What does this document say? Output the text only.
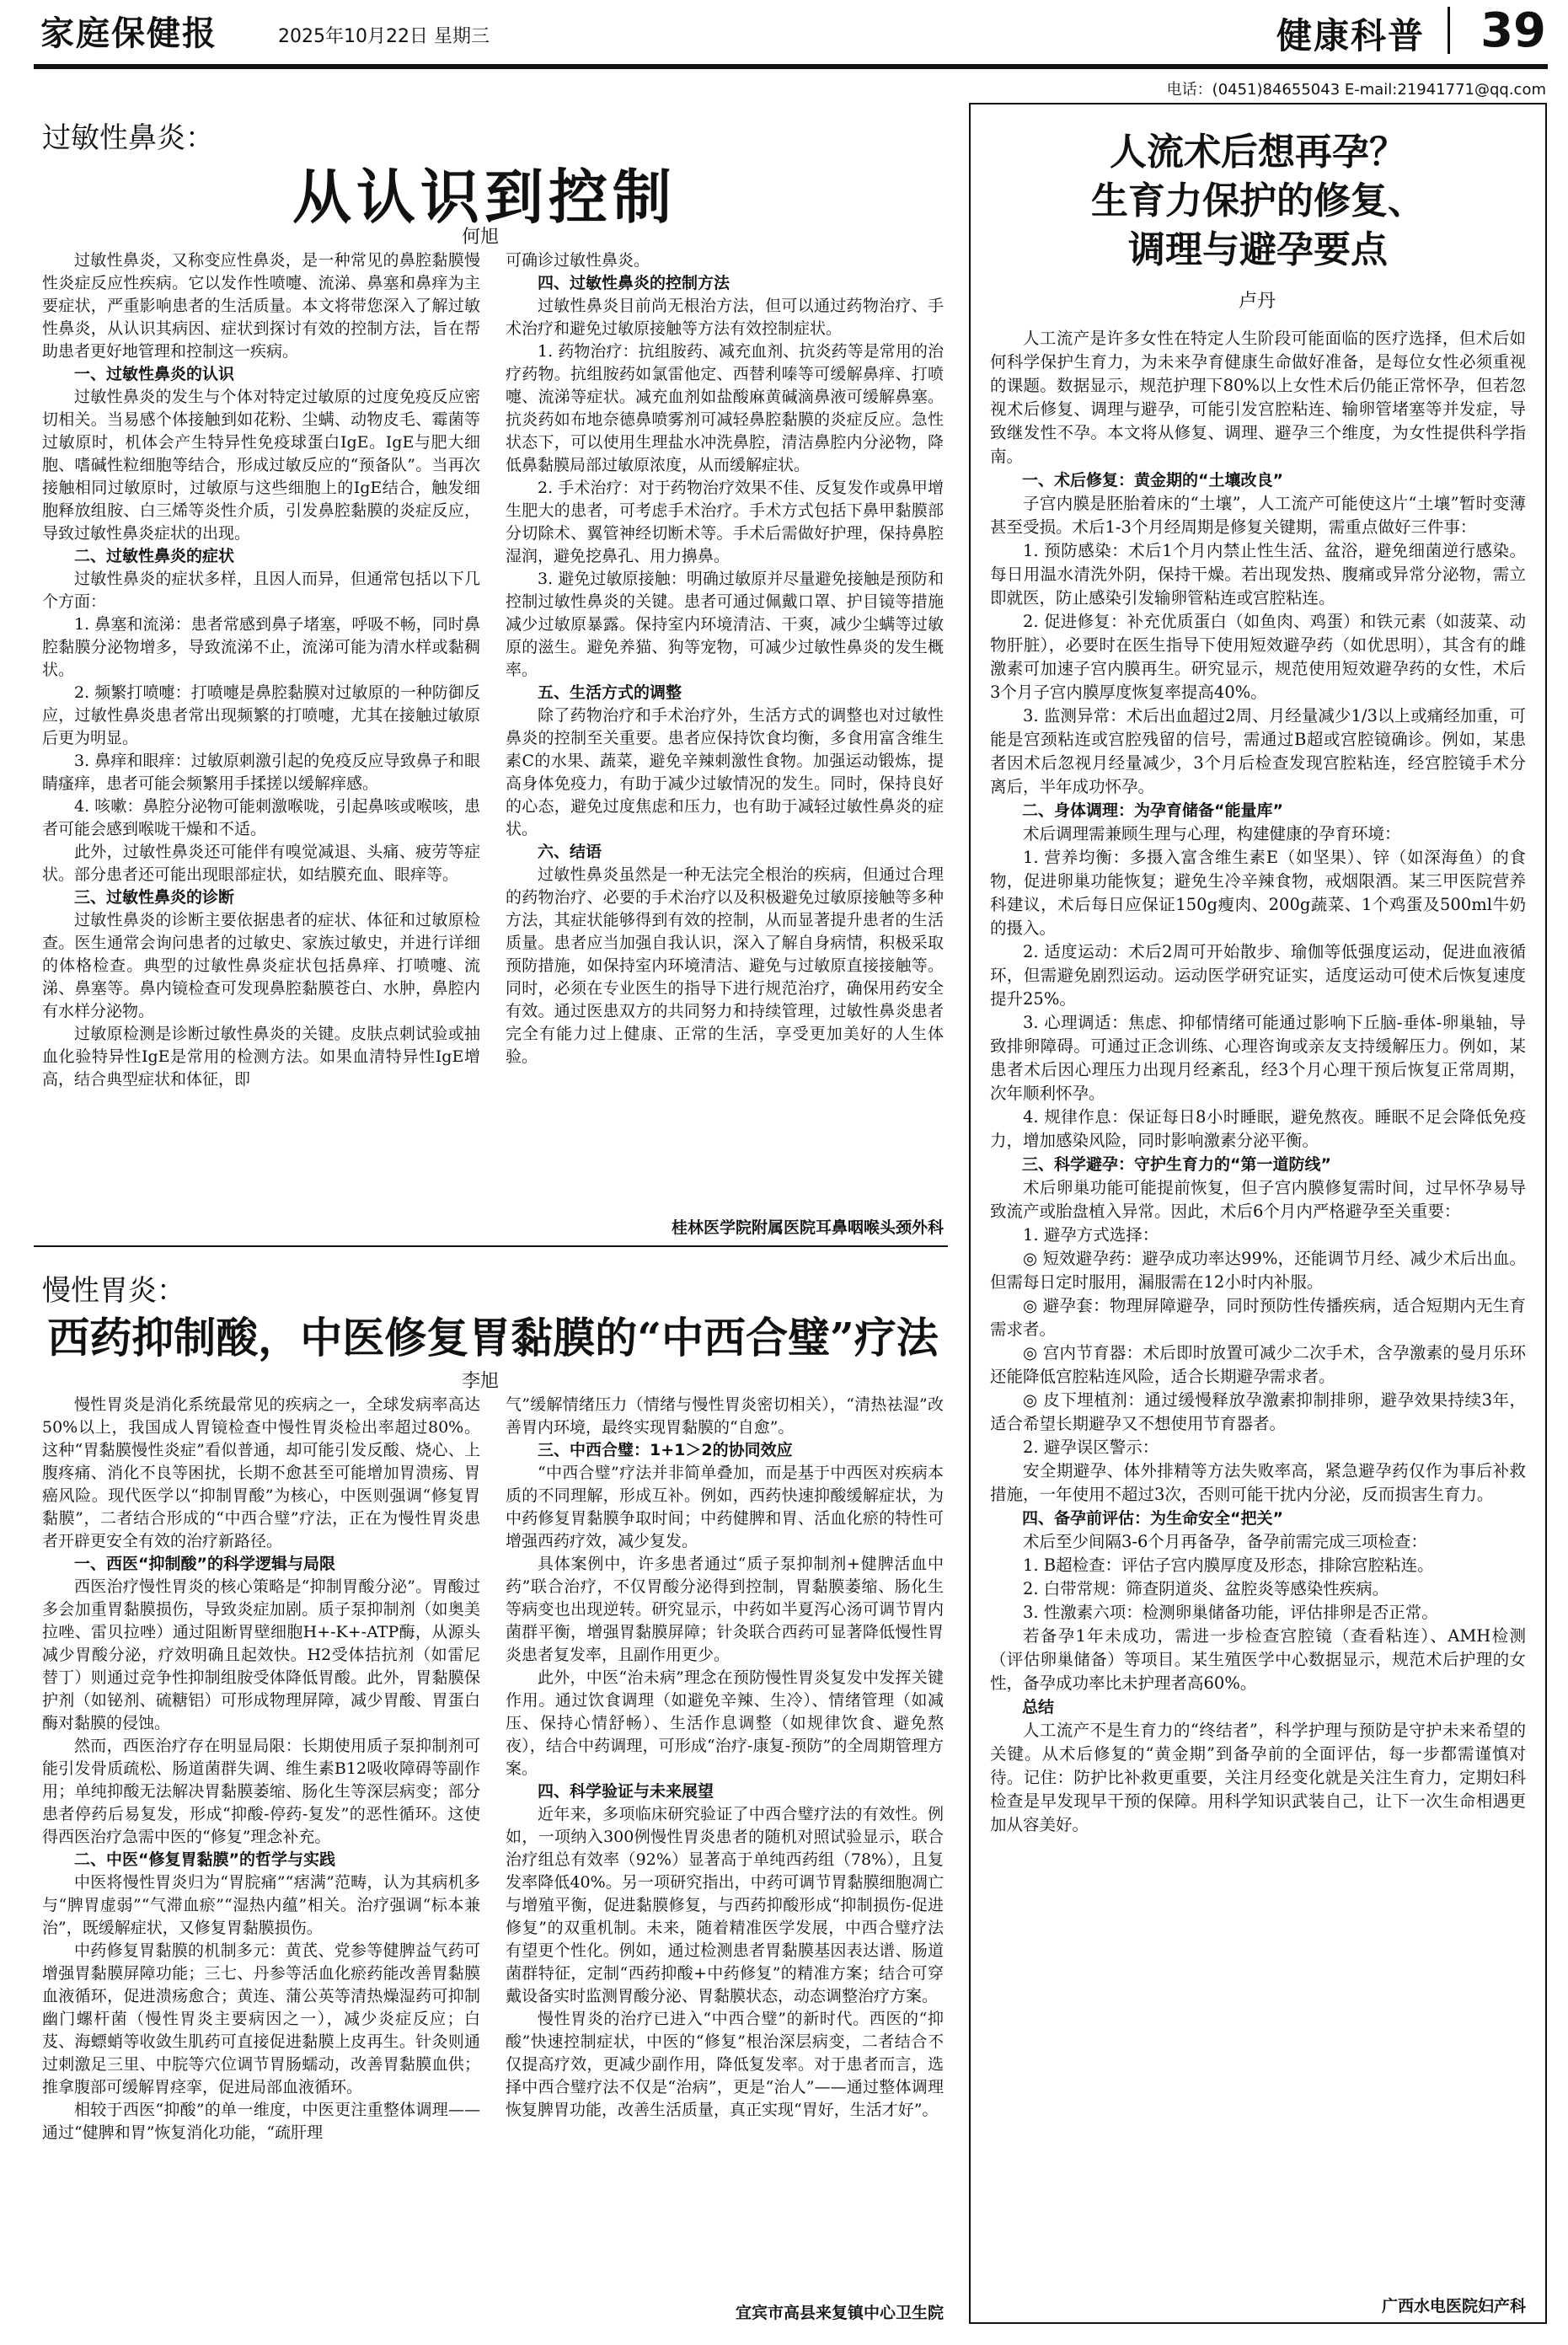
家庭保健报	2025年10月22日 星期三	健康科普 39
电话：(0451)84655043 E-mail:21941771@qq.com
过敏性鼻炎：
从认识到控制
何旭

过敏性鼻炎，又称变应性鼻炎，是一种常见的鼻腔黏膜慢性炎症反应性疾病。它以发作性喷嚏、流涕、鼻塞和鼻痒为主要症状，严重影响患者的生活质量。本文将带您深入了解过敏性鼻炎，从认识其病因、症状到探讨有效的控制方法，旨在帮助患者更好地管理和控制这一疾病。

一、过敏性鼻炎的认识

过敏性鼻炎的发生与个体对特定过敏原的过度免疫反应密切相关。当易感个体接触到如花粉、尘螨、动物皮毛、霉菌等过敏原时，机体会产生特异性免疫球蛋白IgE。IgE与肥大细胞、嗜碱性粒细胞等结合，形成过敏反应的“预备队”。当再次接触相同过敏原时，过敏原与这些细胞上的IgE结合，触发细胞释放组胺、白三烯等炎性介质，引发鼻腔黏膜的炎症反应，导致过敏性鼻炎症状的出现。

二、过敏性鼻炎的症状

过敏性鼻炎的症状多样，且因人而异，但通常包括以下几个方面：

1. 鼻塞和流涕：患者常感到鼻子堵塞，呼吸不畅，同时鼻腔黏膜分泌物增多，导致流涕不止，流涕可能为清水样或黏稠状。

2. 频繁打喷嚏：打喷嚏是鼻腔黏膜对过敏原的一种防御反应，过敏性鼻炎患者常出现频繁的打喷嚏，尤其在接触过敏原后更为明显。

3. 鼻痒和眼痒：过敏原刺激引起的免疫反应导致鼻子和眼睛瘙痒，患者可能会频繁用手揉搓以缓解痒感。

4. 咳嗽：鼻腔分泌物可能刺激喉咙，引起鼻咳或喉咳，患者可能会感到喉咙干燥和不适。

此外，过敏性鼻炎还可能伴有嗅觉减退、头痛、疲劳等症状。部分患者还可能出现眼部症状，如结膜充血、眼痒等。

三、过敏性鼻炎的诊断

过敏性鼻炎的诊断主要依据患者的症状、体征和过敏原检查。医生通常会询问患者的过敏史、家族过敏史，并进行详细的体格检查。典型的过敏性鼻炎症状包括鼻痒、打喷嚏、流涕、鼻塞等。鼻内镜检查可发现鼻腔黏膜苍白、水肿，鼻腔内有水样分泌物。

过敏原检测是诊断过敏性鼻炎的关键。皮肤点刺试验或抽血化验特异性IgE是常用的检测方法。如果血清特异性IgE增高，结合典型症状和体征，即

可确诊过敏性鼻炎。

四、过敏性鼻炎的控制方法

过敏性鼻炎目前尚无根治方法，但可以通过药物治疗、手术治疗和避免过敏原接触等方法有效控制症状。

1. 药物治疗：抗组胺药、减充血剂、抗炎药等是常用的治疗药物。抗组胺药如氯雷他定、西替利嗪等可缓解鼻痒、打喷嚏、流涕等症状。减充血剂如盐酸麻黄碱滴鼻液可缓解鼻塞。抗炎药如布地奈德鼻喷雾剂可减轻鼻腔黏膜的炎症反应。急性状态下，可以使用生理盐水冲洗鼻腔，清洁鼻腔内分泌物，降低鼻黏膜局部过敏原浓度，从而缓解症状。

2. 手术治疗：对于药物治疗效果不佳、反复发作或鼻甲增生肥大的患者，可考虑手术治疗。手术方式包括下鼻甲黏膜部分切除术、翼管神经切断术等。手术后需做好护理，保持鼻腔湿润，避免挖鼻孔、用力擤鼻。

3. 避免过敏原接触：明确过敏原并尽量避免接触是预防和控制过敏性鼻炎的关键。患者可通过佩戴口罩、护目镜等措施减少过敏原暴露。保持室内环境清洁、干爽，减少尘螨等过敏原的滋生。避免养猫、狗等宠物，可减少过敏性鼻炎的发生概率。

五、生活方式的调整

除了药物治疗和手术治疗外，生活方式的调整也对过敏性鼻炎的控制至关重要。患者应保持饮食均衡，多食用富含维生素C的水果、蔬菜，避免辛辣刺激性食物。加强运动锻炼，提高身体免疫力，有助于减少过敏情况的发生。同时，保持良好的心态，避免过度焦虑和压力，也有助于减轻过敏性鼻炎的症状。

六、结语

过敏性鼻炎虽然是一种无法完全根治的疾病，但通过合理的药物治疗、必要的手术治疗以及积极避免过敏原接触等多种方法，其症状能够得到有效的控制，从而显著提升患者的生活质量。患者应当加强自我认识，深入了解自身病情，积极采取预防措施，如保持室内环境清洁、避免与过敏原直接接触等。同时，必须在专业医生的指导下进行规范治疗，确保用药安全有效。通过医患双方的共同努力和持续管理，过敏性鼻炎患者完全有能力过上健康、正常的生活，享受更加美好的人生体验。

桂林医学院附属医院耳鼻咽喉头颈外科
慢性胃炎：
西药抑制酸，中医修复胃黏膜的“中西合璧”疗法
李旭

慢性胃炎是消化系统最常见的疾病之一，全球发病率高达50%以上，我国成人胃镜检查中慢性胃炎检出率超过80%。这种“胃黏膜慢性炎症”看似普通，却可能引发反酸、烧心、上腹疼痛、消化不良等困扰，长期不愈甚至可能增加胃溃疡、胃癌风险。现代医学以“抑制胃酸”为核心，中医则强调“修复胃黏膜”，二者结合形成的“中西合璧”疗法，正在为慢性胃炎患者开辟更安全有效的治疗新路径。

一、西医“抑制酸”的科学逻辑与局限

西医治疗慢性胃炎的核心策略是“抑制胃酸分泌”。胃酸过多会加重胃黏膜损伤，导致炎症加剧。质子泵抑制剂（如奥美拉唑、雷贝拉唑）通过阻断胃壁细胞H+-K+-ATP酶，从源头减少胃酸分泌，疗效明确且起效快。H2受体拮抗剂（如雷尼替丁）则通过竞争性抑制组胺受体降低胃酸。此外，胃黏膜保护剂（如铋剂、硫糖铝）可形成物理屏障，减少胃酸、胃蛋白酶对黏膜的侵蚀。

然而，西医治疗存在明显局限：长期使用质子泵抑制剂可能引发骨质疏松、肠道菌群失调、维生素B12吸收障碍等副作用；单纯抑酸无法解决胃黏膜萎缩、肠化生等深层病变；部分患者停药后易复发，形成“抑酸-停药-复发”的恶性循环。这使得西医治疗急需中医的“修复”理念补充。

二、中医“修复胃黏膜”的哲学与实践

中医将慢性胃炎归为“胃脘痛”“痞满”范畴，认为其病机多与“脾胃虚弱”“气滞血瘀”“湿热内蕴”相关。治疗强调“标本兼治”，既缓解症状，又修复胃黏膜损伤。

中药修复胃黏膜的机制多元：黄芪、党参等健脾益气药可增强胃黏膜屏障功能；三七、丹参等活血化瘀药能改善胃黏膜血液循环，促进溃疡愈合；黄连、蒲公英等清热燥湿药可抑制幽门螺杆菌（慢性胃炎主要病因之一），减少炎症反应；白芨、海螵蛸等收敛生肌药可直接促进黏膜上皮再生。针灸则通过刺激足三里、中脘等穴位调节胃肠蠕动，改善胃黏膜血供；推拿腹部可缓解胃痉挛，促进局部血液循环。

相较于西医“抑酸”的单一维度，中医更注重整体调理——通过“健脾和胃”恢复消化功能，“疏肝理

气”缓解情绪压力（情绪与慢性胃炎密切相关），“清热祛湿”改善胃内环境，最终实现胃黏膜的“自愈”。

三、中西合璧：1+1＞2的协同效应

“中西合璧”疗法并非简单叠加，而是基于中西医对疾病本质的不同理解，形成互补。例如，西药快速抑酸缓解症状，为中药修复胃黏膜争取时间；中药健脾和胃、活血化瘀的特性可增强西药疗效，减少复发。

具体案例中，许多患者通过“质子泵抑制剂+健脾活血中药”联合治疗，不仅胃酸分泌得到控制，胃黏膜萎缩、肠化生等病变也出现逆转。研究显示，中药如半夏泻心汤可调节胃内菌群平衡，增强胃黏膜屏障；针灸联合西药可显著降低慢性胃炎患者复发率，且副作用更少。

此外，中医“治未病”理念在预防慢性胃炎复发中发挥关键作用。通过饮食调理（如避免辛辣、生冷）、情绪管理（如减压、保持心情舒畅）、生活作息调整（如规律饮食、避免熬夜），结合中药调理，可形成“治疗-康复-预防”的全周期管理方案。

四、科学验证与未来展望

近年来，多项临床研究验证了中西合璧疗法的有效性。例如，一项纳入300例慢性胃炎患者的随机对照试验显示，联合治疗组总有效率（92%）显著高于单纯西药组（78%），且复发率降低40%。另一项研究指出，中药可调节胃黏膜细胞凋亡与增殖平衡，促进黏膜修复，与西药抑酸形成“抑制损伤-促进修复”的双重机制。未来，随着精准医学发展，中西合璧疗法有望更个性化。例如，通过检测患者胃黏膜基因表达谱、肠道菌群特征，定制“西药抑酸+中药修复”的精准方案；结合可穿戴设备实时监测胃酸分泌、胃黏膜状态，动态调整治疗方案。

慢性胃炎的治疗已进入“中西合璧”的新时代。西医的“抑酸”快速控制症状，中医的“修复”根治深层病变，二者结合不仅提高疗效，更减少副作用，降低复发率。对于患者而言，选择中西合璧疗法不仅是“治病”，更是“治人”——通过整体调理恢复脾胃功能，改善生活质量，真正实现“胃好，生活才好”。

宜宾市高县来复镇中心卫生院
人流术后想再孕？
生育力保护的修复、
调理与避孕要点
卢丹

人工流产是许多女性在特定人生阶段可能面临的医疗选择，但术后如何科学保护生育力，为未来孕育健康生命做好准备，是每位女性必须重视的课题。数据显示，规范护理下80%以上女性术后仍能正常怀孕，但若忽视术后修复、调理与避孕，可能引发宫腔粘连、输卵管堵塞等并发症，导致继发性不孕。本文将从修复、调理、避孕三个维度，为女性提供科学指南。

一、术后修复：黄金期的“土壤改良”

子宫内膜是胚胎着床的“土壤”，人工流产可能使这片“土壤”暂时变薄甚至受损。术后1-3个月经周期是修复关键期，需重点做好三件事：

1. 预防感染：术后1个月内禁止性生活、盆浴，避免细菌逆行感染。每日用温水清洗外阴，保持干燥。若出现发热、腹痛或异常分泌物，需立即就医，防止感染引发输卵管粘连或宫腔粘连。

2. 促进修复：补充优质蛋白（如鱼肉、鸡蛋）和铁元素（如菠菜、动物肝脏），必要时在医生指导下使用短效避孕药（如优思明），其含有的雌激素可加速子宫内膜再生。研究显示，规范使用短效避孕药的女性，术后3个月子宫内膜厚度恢复率提高40%。

3. 监测异常：术后出血超过2周、月经量减少1/3以上或痛经加重，可能是宫颈粘连或宫腔残留的信号，需通过B超或宫腔镜确诊。例如，某患者因术后忽视月经量减少，3个月后检查发现宫腔粘连，经宫腔镜手术分离后，半年成功怀孕。

二、身体调理：为孕育储备“能量库”

术后调理需兼顾生理与心理，构建健康的孕育环境：

1. 营养均衡：多摄入富含维生素E（如坚果）、锌（如深海鱼）的食物，促进卵巢功能恢复；避免生冷辛辣食物，戒烟限酒。某三甲医院营养科建议，术后每日应保证150g瘦肉、200g蔬菜、1个鸡蛋及500ml牛奶的摄入。

2. 适度运动：术后2周可开始散步、瑜伽等低强度运动，促进血液循环，但需避免剧烈运动。运动医学研究证实，适度运动可使术后恢复速度提升25%。

3. 心理调适：焦虑、抑郁情绪可能通过影响下丘脑-垂体-卵巢轴，导致排卵障碍。可通过正念训练、心理咨询或亲友支持缓解压力。例如，某患者术后因心理压力出现月经紊乱，经3个月心理干预后恢复正常周期，次年顺利怀孕。

4. 规律作息：保证每日8小时睡眠，避免熬夜。睡眠不足会降低免疫力，增加感染风险，同时影响激素分泌平衡。

三、科学避孕：守护生育力的“第一道防线”

术后卵巢功能可能提前恢复，但子宫内膜修复需时间，过早怀孕易导致流产或胎盘植入异常。因此，术后6个月内严格避孕至关重要：

1. 避孕方式选择：

◎ 短效避孕药：避孕成功率达99%，还能调节月经、减少术后出血。但需每日定时服用，漏服需在12小时内补服。

◎ 避孕套：物理屏障避孕，同时预防性传播疾病，适合短期内无生育需求者。

◎ 宫内节育器：术后即时放置可减少二次手术，含孕激素的曼月乐环还能降低宫腔粘连风险，适合长期避孕需求者。

◎ 皮下埋植剂：通过缓慢释放孕激素抑制排卵，避孕效果持续3年，适合希望长期避孕又不想使用节育器者。

2. 避孕误区警示：

安全期避孕、体外排精等方法失败率高，紧急避孕药仅作为事后补救措施，一年使用不超过3次，否则可能干扰内分泌，反而损害生育力。

四、备孕前评估：为生命安全“把关”

术后至少间隔3-6个月再备孕，备孕前需完成三项检查：

1. B超检查：评估子宫内膜厚度及形态，排除宫腔粘连。

2. 白带常规：筛查阴道炎、盆腔炎等感染性疾病。

3. 性激素六项：检测卵巢储备功能，评估排卵是否正常。

若备孕1年未成功，需进一步检查宫腔镜（查看粘连）、AMH检测（评估卵巢储备）等项目。某生殖医学中心数据显示，规范术后护理的女性，备孕成功率比未护理者高60%。

总结

人工流产不是生育力的“终结者”，科学护理与预防是守护未来希望的关键。从术后修复的“黄金期”到备孕前的全面评估，每一步都需谨慎对待。记住：防护比补救更重要，关注月经变化就是关注生育力，定期妇科检查是早发现早干预的保障。用科学知识武装自己，让下一次生命相遇更加从容美好。

广西水电医院妇产科
